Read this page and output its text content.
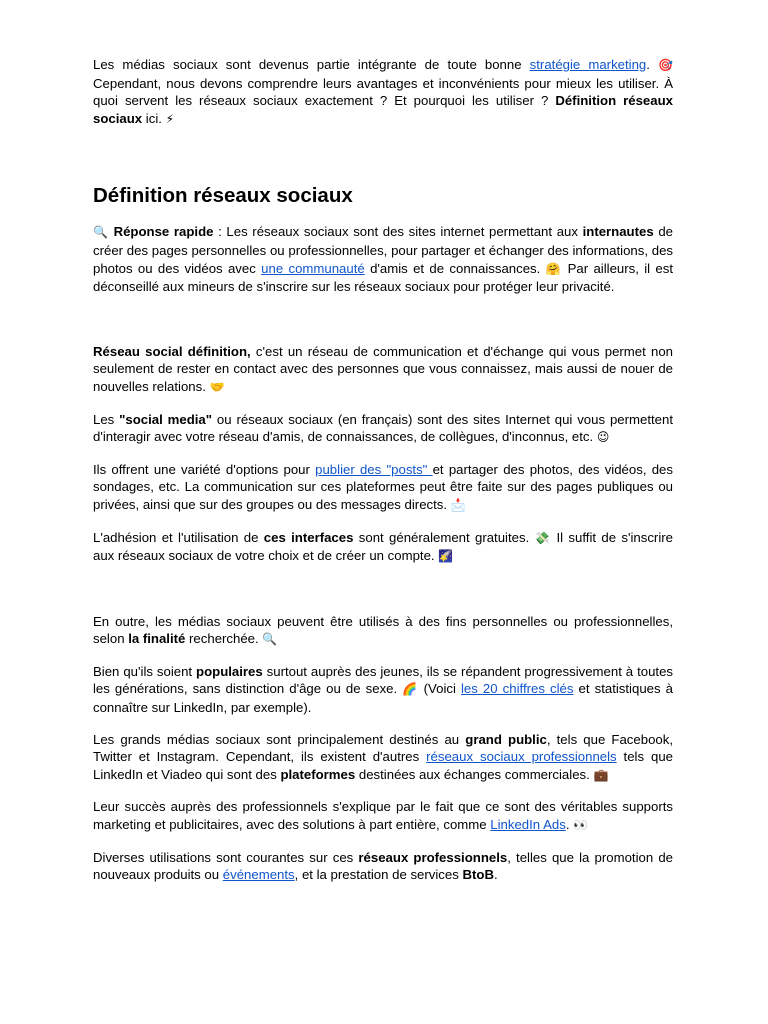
Les médias sociaux sont devenus partie intégrante de toute bonne stratégie marketing. 🎯 Cependant, nous devons comprendre leurs avantages et inconvénients pour mieux les utiliser. À quoi servent les réseaux sociaux exactement ? Et pourquoi les utiliser ? Définition réseaux sociaux ici. ⚡

Définition réseaux sociaux

🔍 Réponse rapide : Les réseaux sociaux sont des sites internet permettant aux internautes de créer des pages personnelles ou professionnelles, pour partager et échanger des informations, des photos ou des vidéos avec une communauté d'amis et de connaissances. 🤗 Par ailleurs, il est déconseillé aux mineurs de s'inscrire sur les réseaux sociaux pour protéger leur privacité.

Réseau social définition, c'est un réseau de communication et d'échange qui vous permet non seulement de rester en contact avec des personnes que vous connaissez, mais aussi de nouer de nouvelles relations. 🤝

Les "social media" ou réseaux sociaux (en français) sont des sites Internet qui vous permettent d'interagir avec votre réseau d'amis, de connaissances, de collègues, d'inconnus, etc. 😉

Ils offrent une variété d'options pour publier des "posts" et partager des photos, des vidéos, des sondages, etc. La communication sur ces plateformes peut être faite sur des pages publiques ou privées, ainsi que sur des groupes ou des messages directs. 📩

L'adhésion et l'utilisation de ces interfaces sont généralement gratuites. 💸 Il suffit de s'inscrire aux réseaux sociaux de votre choix et de créer un compte. 🌠

En outre, les médias sociaux peuvent être utilisés à des fins personnelles ou professionnelles, selon la finalité recherchée. 🔍

Bien qu'ils soient populaires surtout auprès des jeunes, ils se répandent progressivement à toutes les générations, sans distinction d'âge ou de sexe. 🌈 (Voici les 20 chiffres clés et statistiques à connaître sur LinkedIn, par exemple).

Les grands médias sociaux sont principalement destinés au grand public, tels que Facebook, Twitter et Instagram. Cependant, ils existent d'autres réseaux sociaux professionnels tels que LinkedIn et Viadeo qui sont des plateformes destinées aux échanges commerciales. 💼

Leur succès auprès des professionnels s'explique par le fait que ce sont des véritables supports marketing et publicitaires, avec des solutions à part entière, comme LinkedIn Ads. 👀

Diverses utilisations sont courantes sur ces réseaux professionnels, telles que la promotion de nouveaux produits ou événements, et la prestation de services BtoB.
